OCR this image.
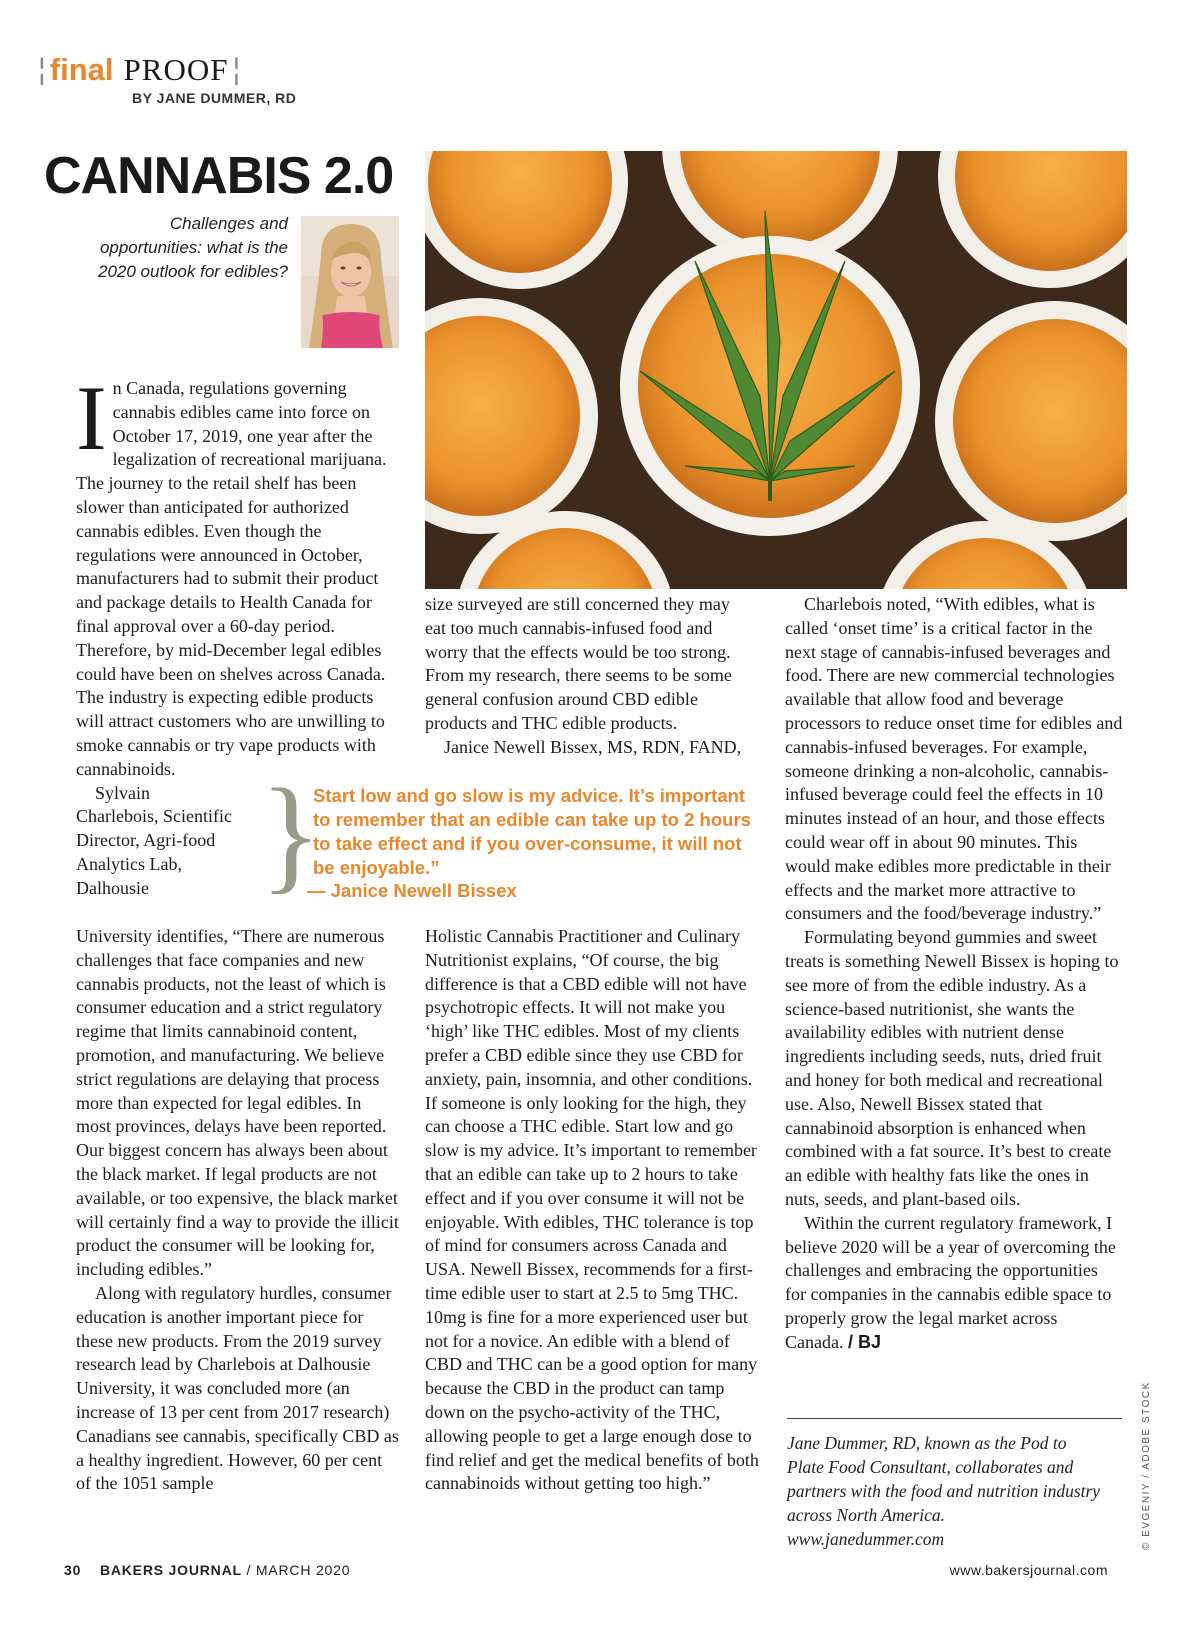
¦ final PROOF ¦
BY JANE DUMMER, RD
CANNABIS 2.0
Challenges and opportunities: what is the 2020 outlook for edibles?

In Canada, regulations governing cannabis edibles came into force on October 17, 2019, one year after the legalization of recreational marijuana. The journey to the retail shelf has been slower than anticipated for authorized cannabis edibles. Even though the regulations were announced in October, manufacturers had to submit their product and package details to Health Canada for final approval over a 60-day period. Therefore, by mid-December legal edibles could have been on shelves across Canada. The industry is expecting edible products will attract customers who are unwilling to smoke cannabis or try vape products with cannabinoids.

Sylvain Charlebois, Scientific Director, Agri-food Analytics Lab, Dalhousie

University identifies, “There are numerous challenges that face companies and new cannabis products, not the least of which is consumer education and a strict regulatory regime that limits cannabinoid content, promotion, and manufacturing. We believe strict regulations are delaying that process more than expected for legal edibles. In most provinces, delays have been reported. Our biggest concern has always been about the black market. If legal products are not available, or too expensive, the black market will certainly find a way to provide the illicit product the consumer will be looking for, including edibles.”

Along with regulatory hurdles, consumer education is another important piece for these new products. From the 2019 survey research lead by Charlebois at Dalhousie University, it was concluded more (an increase of 13 per cent from 2017 research) Canadians see cannabis, specifically CBD as a healthy ingredient. However, 60 per cent of the 1051 sample

size surveyed are still concerned they may eat too much cannabis-infused food and worry that the effects would be too strong. From my research, there seems to be some general confusion around CBD edible products and THC edible products.

Janice Newell Bissex, MS, RDN, FAND,

Holistic Cannabis Practitioner and Culinary Nutritionist explains, “Of course, the big difference is that a CBD edible will not have psychotropic effects. It will not make you ‘high’ like THC edibles. Most of my clients prefer a CBD edible since they use CBD for anxiety, pain, insomnia, and other conditions. If someone is only looking for the high, they can choose a THC edible. Start low and go slow is my advice. It’s important to remember that an edible can take up to 2 hours to take effect and if you over consume it will not be enjoyable. With edibles, THC tolerance is top of mind for consumers across Canada and USA. Newell Bissex, recommends for a first-time edible user to start at 2.5 to 5mg THC. 10mg is fine for a more experienced user but not for a novice. An edible with a blend of CBD and THC can be a good option for many because the CBD in the product can tamp down on the psycho-activity of the THC, allowing people to get a large enough dose to find relief and get the medical benefits of both cannabinoids without getting too high.”

}
Start low and go slow is my advice. It’s important to remember that an edible can take up to 2 hours to take effect and if you over-consume, it will not be enjoyable.”
— Janice Newell Bissex

Charlebois noted, “With edibles, what is called ‘onset time’ is a critical factor in the next stage of cannabis-infused beverages and food. There are new commercial technologies available that allow food and beverage processors to reduce onset time for edibles and cannabis-infused beverages. For example, someone drinking a non-alcoholic, cannabis-infused beverage could feel the effects in 10 minutes instead of an hour, and those effects could wear off in about 90 minutes. This would make edibles more predictable in their effects and the market more attractive to consumers and the food/beverage industry.”

Formulating beyond gummies and sweet treats is something Newell Bissex is hoping to see more of from the edible industry. As a science-based nutritionist, she wants the availability edibles with nutrient dense ingredients including seeds, nuts, dried fruit and honey for both medical and recreational use. Also, Newell Bissex stated that cannabinoid absorption is enhanced when combined with a fat source. It’s best to create an edible with healthy fats like the ones in nuts, seeds, and plant-based oils.

Within the current regulatory framework, I believe 2020 will be a year of overcoming the challenges and embracing the opportunities for companies in the cannabis edible space to properly grow the legal market across Canada. / BJ

Jane Dummer, RD, known as the Pod to Plate Food Consultant, collaborates and partners with the food and nutrition industry across North America. www.janedummer.com	© EVGENIY / ADOBE STOCK
30 BAKERS JOURNAL / MARCH 2020	www.bakersjournal.com
